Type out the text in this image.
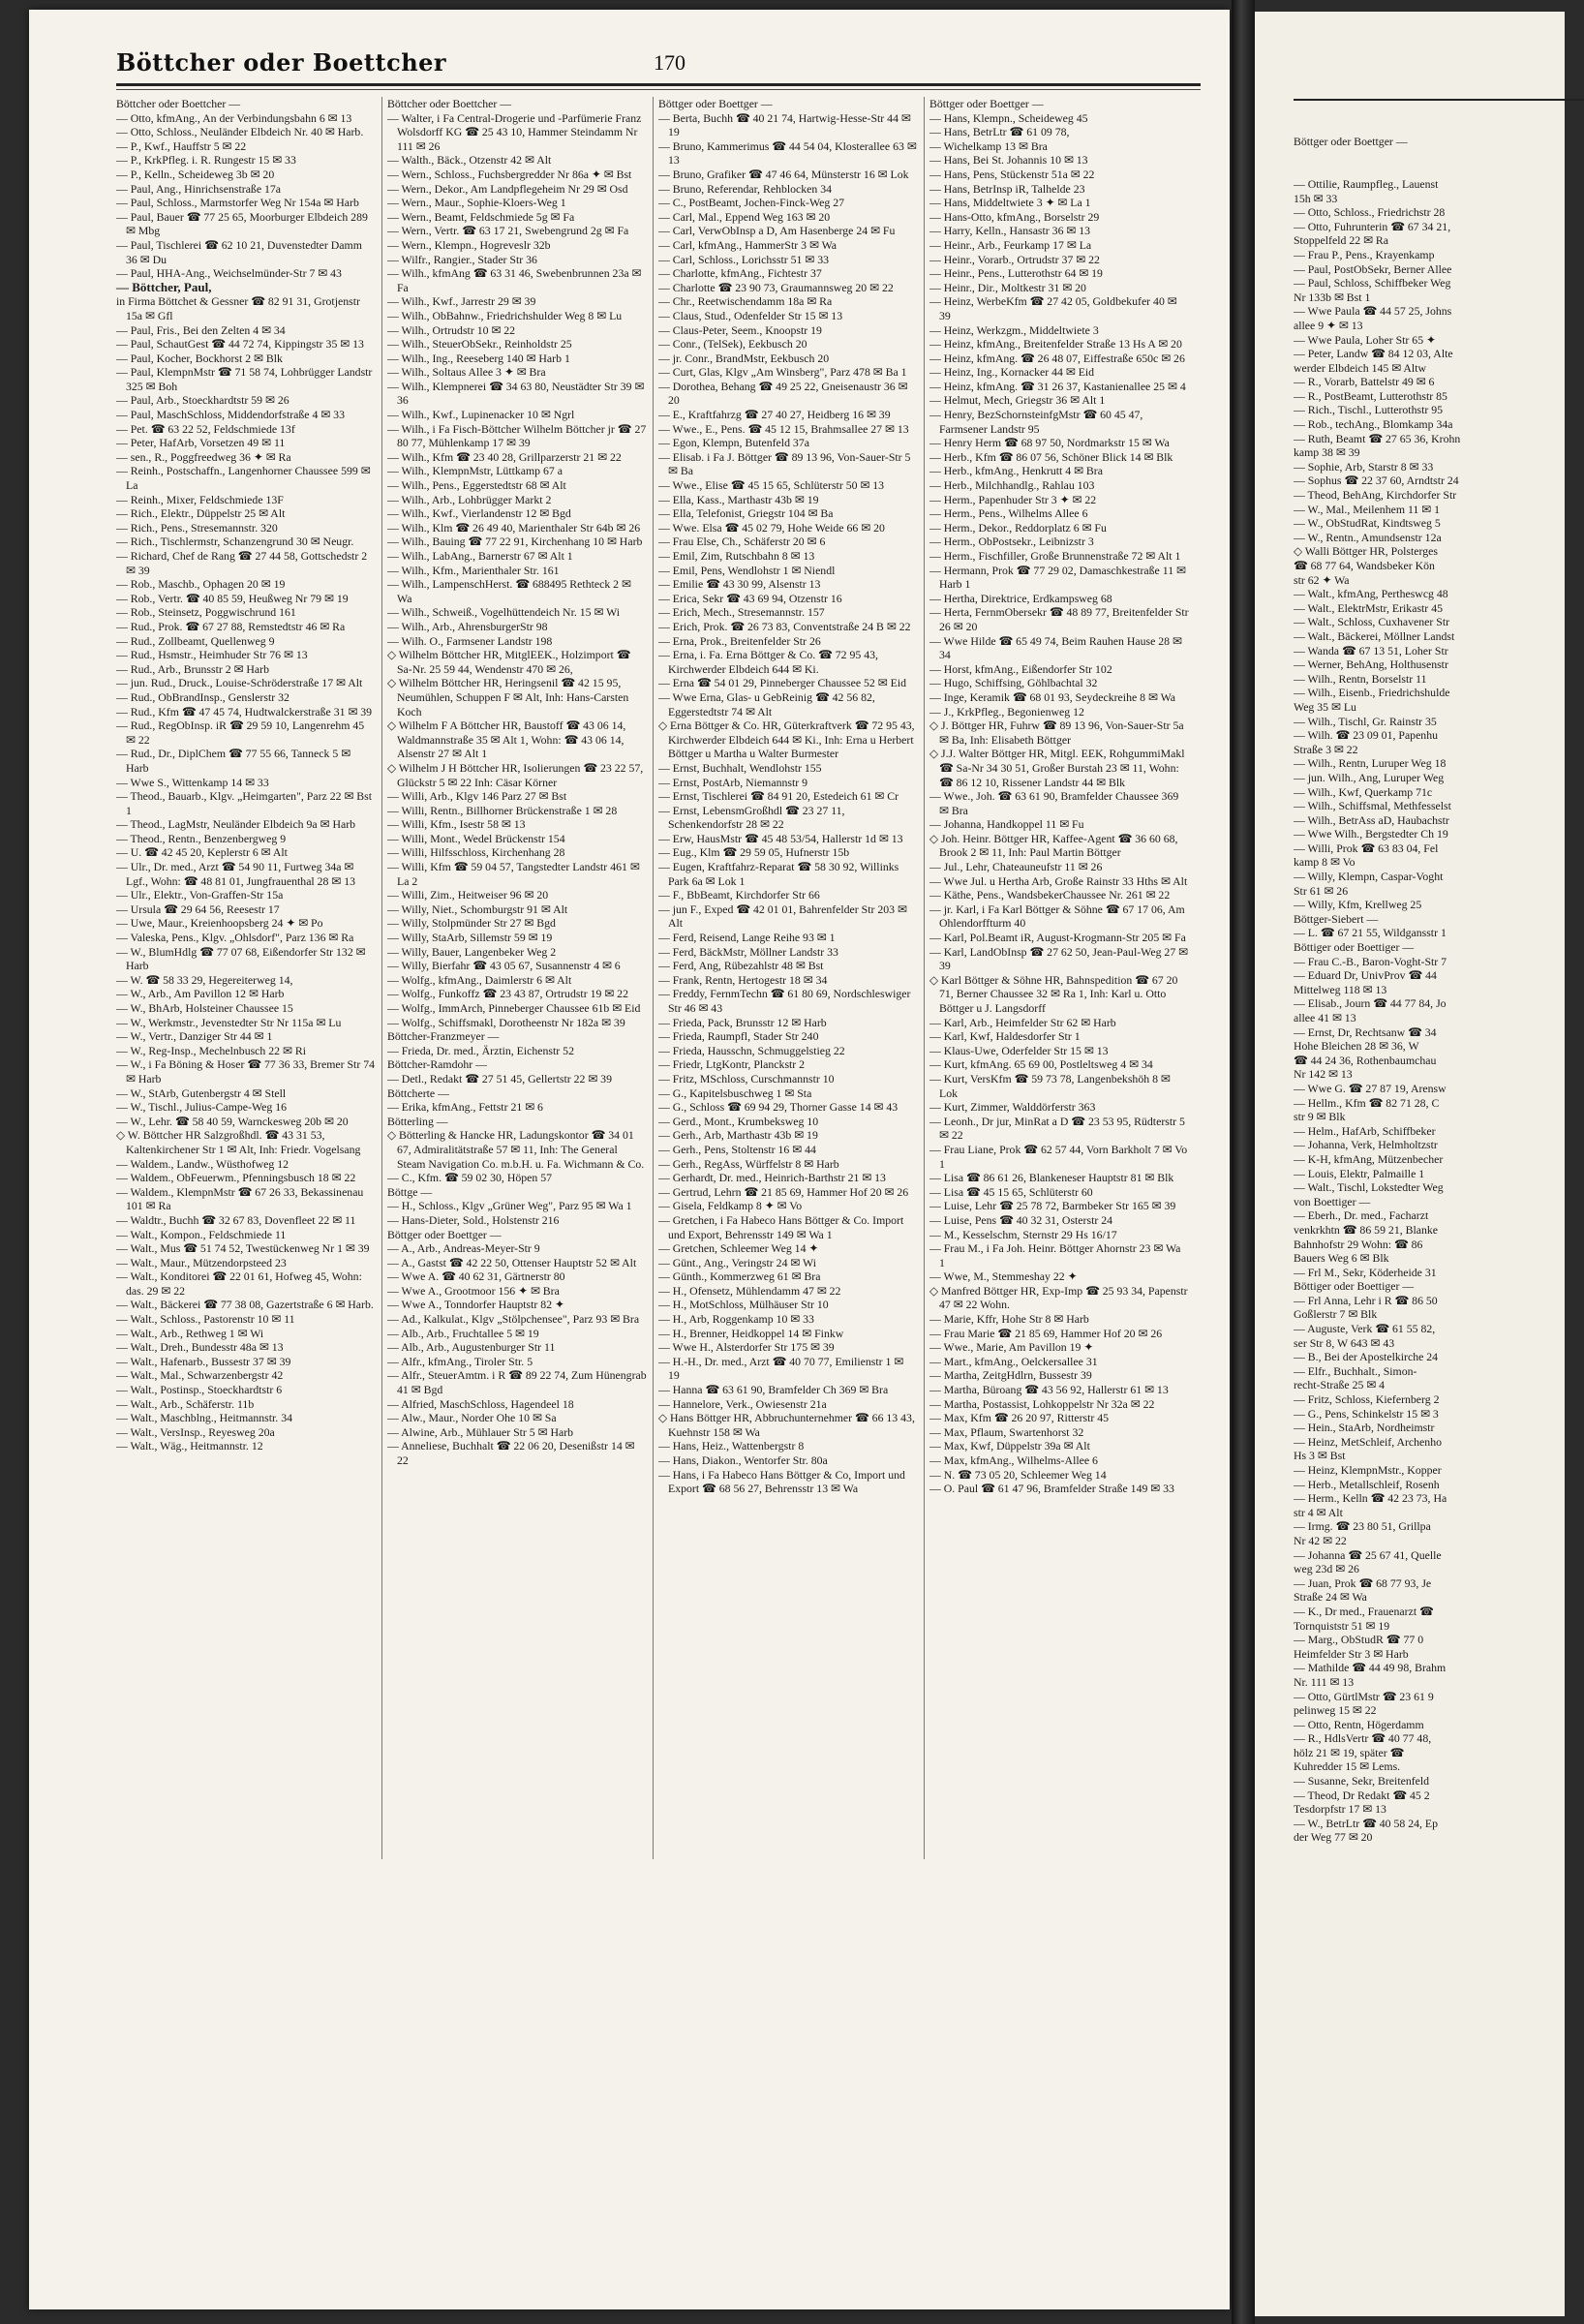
Böttcher oder Boettcher	170
Böttcher oder Boettcher —
— Otto, kfmAng., An der Verbindungsbahn 6 ✉ 13
— Otto, Schloss., Neuländer Elbdeich Nr. 40 ✉ Harb.
— P., Kwf., Hauffstr 5 ✉ 22
— P., KrkPfleg. i. R. Rungestr 15 ✉ 33
— P., Kelln., Scheideweg 3b ✉ 20
— Paul, Ang., Hinrichsenstraße 17a
— Paul, Schloss., Marmstorfer Weg Nr 154a ✉ Harb
— Paul, Bauer ☎ 77 25 65, Moorburger Elbdeich 289 ✉ Mbg
— Paul, Tischlerei ☎ 62 10 21, Duvenstedter Damm 36 ✉ Du
— Paul, HHA-Ang., Weichselmünder-Str 7 ✉ 43
— Böttcher, Paul,
in Firma Böttchet & Gessner ☎ 82 91 31, Grotjenstr 15a ✉ Gfl
— Paul, Fris., Bei den Zelten 4 ✉ 34
— Paul, SchautGest ☎ 44 72 74, Kippingstr 35 ✉ 13
— Paul, Kocher, Bockhorst 2 ✉ Blk
— Paul, KlempnMstr ☎ 71 58 74, Lohbrügger Landstr 325 ✉ Boh
— Paul, Arb., Stoeckhardtstr 59 ✉ 26
— Paul, MaschSchloss, Middendorfstraße 4 ✉ 33
— Pet. ☎ 63 22 52, Feldschmiede 13f
— Peter, HafArb, Vorsetzen 49 ✉ 11
— sen., R., Poggfreedweg 36 ✦ ✉ Ra
— Reinh., Postschaffn., Langenhorner Chaussee 599 ✉ La
— Reinh., Mixer, Feldschmiede 13F
— Rich., Elektr., Düppelstr 25 ✉ Alt
— Rich., Pens., Stresemannstr. 320
— Rich., Tischlermstr, Schanzengrund 30 ✉ Neugr.
— Richard, Chef de Rang ☎ 27 44 58, Gottschedstr 2 ✉ 39
— Rob., Maschb., Ophagen 20 ✉ 19
— Rob., Vertr. ☎ 40 85 59, Heußweg Nr 79 ✉ 19
— Rob., Steinsetz, Poggwischrund 161
— Rud., Prok. ☎ 67 27 88, Remstedtstr 46 ✉ Ra
— Rud., Zollbeamt, Quellenweg 9
— Rud., Hsmstr., Heimhuder Str 76 ✉ 13
— Rud., Arb., Brunsstr 2 ✉ Harb
— jun. Rud., Druck., Louise-Schröderstraße 17 ✉ Alt
— Rud., ObBrandInsp., Genslerstr 32
— Rud., Kfm ☎ 47 45 74, Hudtwalckerstraße 31 ✉ 39
— Rud., RegObInsp. iR ☎ 29 59 10, Langenrehm 45 ✉ 22
— Rud., Dr., DiplChem ☎ 77 55 66, Tanneck 5 ✉ Harb
— Wwe S., Wittenkamp 14 ✉ 33
— Theod., Bauarb., Klgv. „Heimgarten", Parz 22 ✉ Bst 1
— Theod., LagMstr, Neuländer Elbdeich 9a ✉ Harb
— Theod., Rentn., Benzenbergweg 9
— U. ☎ 42 45 20, Keplerstr 6 ✉ Alt
— Ulr., Dr. med., Arzt ☎ 54 90 11, Furtweg 34a ✉ Lgf., Wohn: ☎ 48 81 01, Jungfrauenthal 28 ✉ 13
— Ulr., Elektr., Von-Graffen-Str 15a
— Ursula ☎ 29 64 56, Reesestr 17
— Uwe, Maur., Kreienhoopsberg 24 ✦ ✉ Po
— Valeska, Pens., Klgv. „Ohlsdorf", Parz 136 ✉ Ra
— W., BlumHdlg ☎ 77 07 68, Eißendorfer Str 132 ✉ Harb
— W. ☎ 58 33 29, Hegereiterweg 14,
— W., Arb., Am Pavillon 12 ✉ Harb
— W., BhArb, Holsteiner Chaussee 15
— W., Werkmstr., Jevenstedter Str Nr 115a ✉ Lu
— W., Vertr., Danziger Str 44 ✉ 1
— W., Reg-Insp., Mechelnbusch 22 ✉ Ri
— W., i Fa Böning & Hoser ☎ 77 36 33, Bremer Str 74 ✉ Harb
— W., StArb, Gutenbergstr 4 ✉ Stell
— W., Tischl., Julius-Campe-Weg 16
— W., Lehr. ☎ 58 40 59, Warnckesweg 20b ✉ 20
◇ W. Böttcher HR Salzgroßhdl. ☎ 43 31 53, Kaltenkirchener Str 1 ✉ Alt, Inh: Friedr. Vogelsang
— Waldem., Landw., Wüsthofweg 12
— Waldem., ObFeuerwm., Pfenningsbusch 18 ✉ 22
— Waldem., KlempnMstr ☎ 67 26 33, Bekassinenau 101 ✉ Ra
— Waldtr., Buchh ☎ 32 67 83, Dovenfleet 22 ✉ 11
— Walt., Kompon., Feldschmiede 11
— Walt., Mus ☎ 51 74 52, Twestückenweg Nr 1 ✉ 39
— Walt., Maur., Mützendorpsteed 23
— Walt., Konditorei ☎ 22 01 61, Hofweg 45, Wohn: das. 29 ✉ 22
— Walt., Bäckerei ☎ 77 38 08, Gazertstraße 6 ✉ Harb.
— Walt., Schloss., Pastorenstr 10 ✉ 11
— Walt., Arb., Rethweg 1 ✉ Wi
— Walt., Dreh., Bundesstr 48a ✉ 13
— Walt., Hafenarb., Bussestr 37 ✉ 39
— Walt., Mal., Schwarzenbergstr 42
— Walt., Postinsp., Stoeckhardtstr 6
— Walt., Arb., Schäferstr. 11b
— Walt., Maschblng., Heitmannstr. 34
— Walt., VersInsp., Reyesweg 20a
— Walt., Wäg., Heitmannstr. 12
Böttcher oder Boettcher —
— Walter, i Fa Central-Drogerie und -Parfümerie Franz Wolsdorff KG ☎ 25 43 10, Hammer Steindamm Nr 111 ✉ 26
— Walth., Bäck., Otzenstr 42 ✉ Alt
— Wern., Schloss., Fuchsbergredder Nr 86a ✦ ✉ Bst
— Wern., Dekor., Am Landpflegeheim Nr 29 ✉ Osd
— Wern., Maur., Sophie-Kloers-Weg 1
— Wern., Beamt, Feldschmiede 5g ✉ Fa
— Wern., Vertr. ☎ 63 17 21, Swebengrund 2g ✉ Fa
— Wern., Klempn., Hogreveslr 32b
— Wilfr., Rangier., Stader Str 36
— Wilh., kfmAng ☎ 63 31 46, Swebenbrunnen 23a ✉ Fa
— Wilh., Kwf., Jarrestr 29 ✉ 39
— Wilh., ObBahnw., Friedrichshulder Weg 8 ✉ Lu
— Wilh., Ortrudstr 10 ✉ 22
— Wilh., SteuerObSekr., Reinholdstr 25
— Wilh., Ing., Reeseberg 140 ✉ Harb 1
— Wilh., Soltaus Allee 3 ✦ ✉ Bra
— Wilh., Klempnerei ☎ 34 63 80, Neustädter Str 39 ✉ 36
— Wilh., Kwf., Lupinenacker 10 ✉ Ngrl
— Wilh., i Fa Fisch-Böttcher Wilhelm Böttcher jr ☎ 27 80 77, Mühlenkamp 17 ✉ 39
— Wilh., Kfm ☎ 23 40 28, Grillparzerstr 21 ✉ 22
— Wilh., KlempnMstr, Lüttkamp 67 a
— Wilh., Pens., Eggerstedtstr 68 ✉ Alt
— Wilh., Arb., Lohbrügger Markt 2
— Wilh., Kwf., Vierlandenstr 12 ✉ Bgd
— Wilh., Klm ☎ 26 49 40, Marienthaler Str 64b ✉ 26
— Wilh., Bauing ☎ 77 22 91, Kirchenhang 10 ✉ Harb
— Wilh., LabAng., Barnerstr 67 ✉ Alt 1
— Wilh., Kfm., Marienthaler Str. 161
— Wilh., LampenschHerst. ☎ 688495 Rethteck 2 ✉ Wa
— Wilh., Schweiß., Vogelhüttendeich Nr. 15 ✉ Wi
— Wilh., Arb., AhrensburgerStr 98
— Wilh. O., Farmsener Landstr 198
◇ Wilhelm Böttcher HR, MitglEEK., Holzimport ☎ Sa-Nr. 25 59 44, Wendenstr 470 ✉ 26,
◇ Wilhelm Böttcher HR, Heringsenil ☎ 42 15 95, Neumühlen, Schuppen F ✉ Alt, Inh: Hans-Carsten Koch
◇ Wilhelm F A Böttcher HR, Baustoff ☎ 43 06 14, Waldmannstraße 35 ✉ Alt 1, Wohn: ☎ 43 06 14, Alsenstr 27 ✉ Alt 1
◇ Wilhelm J H Böttcher HR, Isolierungen ☎ 23 22 57, Glückstr 5 ✉ 22 Inh: Cäsar Körner
— Willi, Arb., Klgv 146 Parz 27 ✉ Bst
— Willi, Rentn., Billhorner Brückenstraße 1 ✉ 28
— Willi, Kfm., Isestr 58 ✉ 13
— Willi, Mont., Wedel Brückenstr 154
— Willi, Hilfsschloss, Kirchenhang 28
— Willi, Kfm ☎ 59 04 57, Tangstedter Landstr 461 ✉ La 2
— Willi, Zim., Heitweiser 96 ✉ 20
— Willy, Niet., Schomburgstr 91 ✉ Alt
— Willy, Stolpmünder Str 27 ✉ Bgd
— Willy, StaArb, Sillemstr 59 ✉ 19
— Willy, Bauer, Langenbeker Weg 2
— Willy, Bierfahr ☎ 43 05 67, Susannenstr 4 ✉ 6
— Wolfg., kfmAng., Daimlerstr 6 ✉ Alt
— Wolfg., Funkoffz ☎ 23 43 87, Ortrudstr 19 ✉ 22
— Wolfg., ImmArch, Pinneberger Chaussee 61b ✉ Eid
— Wolfg., Schiffsmakl, Dorotheenstr Nr 182a ✉ 39
Böttcher-Franzmeyer —
— Frieda, Dr. med., Ärztin, Eichenstr 52
Böttcher-Ramdohr —
— Detl., Redakt ☎ 27 51 45, Gellertstr 22 ✉ 39
Böttcherte —
— Erika, kfmAng., Fettstr 21 ✉ 6
Bötterling —
◇ Bötterling & Hancke HR, Ladungskontor ☎ 34 01 67, Admiralitätstraße 57 ✉ 11, Inh: The General Steam Navigation Co. m.b.H. u. Fa. Wichmann & Co.
— C., Kfm. ☎ 59 02 30, Höpen 57
Böttge —
— H., Schloss., Klgv „Grüner Weg", Parz 95 ✉ Wa 1
— Hans-Dieter, Sold., Holstenstr 216
Böttger oder Boettger —
— A., Arb., Andreas-Meyer-Str 9
— A., Gastst ☎ 42 22 50, Ottenser Hauptstr 52 ✉ Alt
— Wwe A. ☎ 40 62 31, Gärtnerstr 80
— Wwe A., Grootmoor 156 ✦ ✉ Bra
— Wwe A., Tonndorfer Hauptstr 82 ✦
— Ad., Kalkulat., Klgv „Stölpchensee", Parz 93 ✉ Bra
— Alb., Arb., Fruchtallee 5 ✉ 19
— Alb., Arb., Augustenburger Str 11
— Alfr., kfmAng., Tiroler Str. 5
— Alfr., SteuerAmtm. i R ☎ 89 22 74, Zum Hünengrab 41 ✉ Bgd
— Alfried, MaschSchloss, Hagendeel 18
— Alw., Maur., Norder Ohe 10 ✉ Sa
— Alwine, Arb., Mühlauer Str 5 ✉ Harb
— Anneliese, Buchhalt ☎ 22 06 20, Desenißstr 14 ✉ 22
Böttger oder Boettger —
— Berta, Buchh ☎ 40 21 74, Hartwig-Hesse-Str 44 ✉ 19
— Bruno, Kammerimus ☎ 44 54 04, Klosterallee 63 ✉ 13
— Bruno, Grafiker ☎ 47 46 64, Münsterstr 16 ✉ Lok
— Bruno, Referendar, Rehblocken 34
— C., PostBeamt, Jochen-Finck-Weg 27
— Carl, Mal., Eppend Weg 163 ✉ 20
— Carl, VerwObInsp a D, Am Hasenberge 24 ✉ Fu
— Carl, kfmAng., HammerStr 3 ✉ Wa
— Carl, Schloss., Lorichsstr 51 ✉ 33
— Charlotte, kfmAng., Fichtestr 37
— Charlotte ☎ 23 90 73, Graumannsweg 20 ✉ 22
— Chr., Reetwischendamm 18a ✉ Ra
— Claus, Stud., Odenfelder Str 15 ✉ 13
— Claus-Peter, Seem., Knoopstr 19
— Conr., (TelSek), Eekbusch 20
— jr. Conr., BrandMstr, Eekbusch 20
— Curt, Glas, Klgv „Am Winsberg", Parz 478 ✉ Ba 1
— Dorothea, Behang ☎ 49 25 22, Gneisenaustr 36 ✉ 20
— E., Kraftfahrzg ☎ 27 40 27, Heidberg 16 ✉ 39
— Wwe., E., Pens. ☎ 45 12 15, Brahmsallee 27 ✉ 13
— Egon, Klempn, Butenfeld 37a
— Elisab. i Fa J. Böttger ☎ 89 13 96, Von-Sauer-Str 5 ✉ Ba
— Wwe., Elise ☎ 45 15 65, Schlüterstr 50 ✉ 13
— Ella, Kass., Marthastr 43b ✉ 19
— Ella, Telefonist, Griegstr 104 ✉ Ba
— Wwe. Elsa ☎ 45 02 79, Hohe Weide 66 ✉ 20
— Frau Else, Ch., Schäferstr 20 ✉ 6
— Emil, Zim, Rutschbahn 8 ✉ 13
— Emil, Pens, Wendlohstr 1 ✉ Niendl
— Emilie ☎ 43 30 99, Alsenstr 13
— Erica, Sekr ☎ 43 69 94, Otzenstr 16
— Erich, Mech., Stresemannstr. 157
— Erich, Prok. ☎ 26 73 83, Conventstraße 24 B ✉ 22
— Erna, Prok., Breitenfelder Str 26
— Erna, i. Fa. Erna Böttger & Co. ☎ 72 95 43, Kirchwerder Elbdeich 644 ✉ Ki.
— Erna ☎ 54 01 29, Pinneberger Chaussee 52 ✉ Eid
— Wwe Erna, Glas- u GebReinig ☎ 42 56 82, Eggerstedtstr 74 ✉ Alt
◇ Erna Böttger & Co. HR, Güterkraftverk ☎ 72 95 43, Kirchwerder Elbdeich 644 ✉ Ki., Inh: Erna u Herbert Böttger u Martha u Walter Burmester
— Ernst, Buchhalt, Wendlohstr 155
— Ernst, PostArb, Niemannstr 9
— Ernst, Tischlerei ☎ 84 91 20, Estedeich 61 ✉ Cr
— Ernst, LebensmGroßhdl ☎ 23 27 11, Schenkendorfstr 28 ✉ 22
— Erw, HausMstr ☎ 45 48 53/54, Hallerstr 1d ✉ 13
— Eug., Klm ☎ 29 59 05, Hufnerstr 15b
— Eugen, Kraftfahrz-Reparat ☎ 58 30 92, Willinks Park 6a ✉ Lok 1
— F., BbBeamt, Kirchdorfer Str 66
— jun F., Exped ☎ 42 01 01, Bahrenfelder Str 203 ✉ Alt
— Ferd, Reisend, Lange Reihe 93 ✉ 1
— Ferd, BäckMstr, Möllner Landstr 33
— Ferd, Ang, Rübezahlstr 48 ✉ Bst
— Frank, Rentn, Hertogestr 18 ✉ 34
— Freddy, FernmTechn ☎ 61 80 69, Nordschleswiger Str 46 ✉ 43
— Frieda, Pack, Brunsstr 12 ✉ Harb
— Frieda, Raumpfl, Stader Str 240
— Frieda, Hausschn, Schmuggelstieg 22
— Friedr, LtgKontr, Planckstr 2
— Fritz, MSchloss, Curschmannstr 10
— G., Kapitelsbuschweg 1 ✉ Sta
— G., Schloss ☎ 69 94 29, Thorner Gasse 14 ✉ 43
— Gerd., Mont., Krumbeksweg 10
— Gerh., Arb, Marthastr 43b ✉ 19
— Gerh., Pens, Stoltenstr 16 ✉ 44
— Gerh., RegAss, Würffelstr 8 ✉ Harb
— Gerhardt, Dr. med., Heinrich-Barthstr 21 ✉ 13
— Gertrud, Lehrn ☎ 21 85 69, Hammer Hof 20 ✉ 26
— Gisela, Feldkamp 8 ✦ ✉ Vo
— Gretchen, i Fa Habeco Hans Böttger & Co. Import und Export, Behrensstr 149 ✉ Wa 1
— Gretchen, Schleemer Weg 14 ✦
— Günt., Ang., Veringstr 24 ✉ Wi
— Günth., Kommerzweg 61 ✉ Bra
— H., Ofensetz, Mühlendamm 47 ✉ 22
— H., MotSchloss, Mülhäuser Str 10
— H., Arb, Roggenkamp 10 ✉ 33
— H., Brenner, Heidkoppel 14 ✉ Finkw
— Wwe H., Alsterdorfer Str 175 ✉ 39
— H.-H., Dr. med., Arzt ☎ 40 70 77, Emilienstr 1 ✉ 19
— Hanna ☎ 63 61 90, Bramfelder Ch 369 ✉ Bra
— Hannelore, Verk., Owiesenstr 21a
◇ Hans Böttger HR, Abbruchunternehmer ☎ 66 13 43, Kuehnstr 158 ✉ Wa
— Hans, Heiz., Wattenbergstr 8
— Hans, Diakon., Wentorfer Str. 80a
— Hans, i Fa Habeco Hans Böttger & Co, Import und Export ☎ 68 56 27, Behrensstr 13 ✉ Wa
Böttger oder Boettger —
— Hans, Klempn., Scheideweg 45
— Hans, BetrLtr ☎ 61 09 78,
— Wichelkamp 13 ✉ Bra
— Hans, Bei St. Johannis 10 ✉ 13
— Hans, Pens, Stückenstr 51a ✉ 22
— Hans, BetrInsp iR, Talhelde 23
— Hans, Middeltwiete 3 ✦ ✉ La 1
— Hans-Otto, kfmAng., Borselstr 29
— Harry, Kelln., Hansastr 36 ✉ 13
— Heinr., Arb., Feurkamp 17 ✉ La
— Heinr., Vorarb., Ortrudstr 37 ✉ 22
— Heinr., Pens., Lutterothstr 64 ✉ 19
— Heinr., Dir., Moltkestr 31 ✉ 20
— Heinz, WerbeKfm ☎ 27 42 05, Goldbekufer 40 ✉ 39
— Heinz, Werkzgm., Middeltwiete 3
— Heinz, kfmAng., Breitenfelder Straße 13 Hs A ✉ 20
— Heinz, kfmAng. ☎ 26 48 07, Eiffestraße 650c ✉ 26
— Heinz, Ing., Kornacker 44 ✉ Eid
— Heinz, kfmAng. ☎ 31 26 37, Kastanienallee 25 ✉ 4
— Helmut, Mech, Griegstr 36 ✉ Alt 1
— Henry, BezSchornsteinfgMstr ☎ 60 45 47, Farmsener Landstr 95
— Henry Herm ☎ 68 97 50, Nordmarkstr 15 ✉ Wa
— Herb., Kfm ☎ 86 07 56, Schöner Blick 14 ✉ Blk
— Herb., kfmAng., Henkrutt 4 ✉ Bra
— Herb., Milchhandlg., Rahlau 103
— Herm., Papenhuder Str 3 ✦ ✉ 22
— Herm., Pens., Wilhelms Allee 6
— Herm., Dekor., Reddorplatz 6 ✉ Fu
— Herm., ObPostsekr., Leibnizstr 3
— Herm., Fischfiller, Große Brunnenstraße 72 ✉ Alt 1
— Hermann, Prok ☎ 77 29 02, Damaschkestraße 11 ✉ Harb 1
— Hertha, Direktrice, Erdkampsweg 68
— Herta, FernmObersekr ☎ 48 89 77, Breitenfelder Str 26 ✉ 20
— Wwe Hilde ☎ 65 49 74, Beim Rauhen Hause 28 ✉ 34
— Horst, kfmAng., Eißendorfer Str 102
— Hugo, Schiffsing, Göhlbachtal 32
— Inge, Keramik ☎ 68 01 93, Seydeckreihe 8 ✉ Wa
— J., KrkPfleg., Begonienweg 12
◇ J. Böttger HR, Fuhrw ☎ 89 13 96, Von-Sauer-Str 5a ✉ Ba, Inh: Elisabeth Böttger
◇ J.J. Walter Böttger HR, Mitgl. EEK, RohgummiMakl ☎ Sa-Nr 34 30 51, Großer Burstah 23 ✉ 11, Wohn: ☎ 86 12 10, Rissener Landstr 44 ✉ Blk
— Wwe., Joh. ☎ 63 61 90, Bramfelder Chaussee 369 ✉ Bra
— Johanna, Handkoppel 11 ✉ Fu
◇ Joh. Heinr. Böttger HR, Kaffee-Agent ☎ 36 60 68, Brook 2 ✉ 11, Inh: Paul Martin Böttger
— Jul., Lehr, Chateauneufstr 11 ✉ 26
— Wwe Jul. u Hertha Arb, Große Rainstr 33 Hths ✉ Alt
— Käthe, Pens., WandsbekerChaussee Nr. 261 ✉ 22
— jr. Karl, i Fa Karl Böttger & Söhne ☎ 67 17 06, Am Ohlendorffturm 40
— Karl, Pol.Beamt iR, August-Krogmann-Str 205 ✉ Fa
— Karl, LandObInsp ☎ 27 62 50, Jean-Paul-Weg 27 ✉ 39
◇ Karl Böttger & Söhne HR, Bahnspedition ☎ 67 20 71, Berner Chaussee 32 ✉ Ra 1, Inh: Karl u. Otto Böttger u J. Langsdorff
— Karl, Arb., Heimfelder Str 62 ✉ Harb
— Karl, Kwf, Haldesdorfer Str 1
— Klaus-Uwe, Oderfelder Str 15 ✉ 13
— Kurt, kfmAng. 65 69 00, Postleltsweg 4 ✉ 34
— Kurt, VersKfm ☎ 59 73 78, Langenbekshöh 8 ✉ Lok
— Kurt, Zimmer, Walddörferstr 363
— Leonh., Dr jur, MinRat a D ☎ 23 53 95, Rüdterstr 5 ✉ 22
— Frau Liane, Prok ☎ 62 57 44, Vorn Barkholt 7 ✉ Vo 1
— Lisa ☎ 86 61 26, Blankeneser Hauptstr 81 ✉ Blk
— Lisa ☎ 45 15 65, Schlüterstr 60
— Luise, Lehr ☎ 25 78 72, Barmbeker Str 165 ✉ 39
— Luise, Pens ☎ 40 32 31, Osterstr 24
— M., Kesselschm, Sternstr 29 Hs 16/17
— Frau M., i Fa Joh. Heinr. Böttger Ahornstr 23 ✉ Wa 1
— Wwe, M., Stemmeshay 22 ✦
◇ Manfred Böttger HR, Exp-Imp ☎ 25 93 34, Papenstr 47 ✉ 22 Wohn.
— Marie, Kffr, Hohe Str 8 ✉ Harb
— Frau Marie ☎ 21 85 69, Hammer Hof 20 ✉ 26
— Wwe., Marie, Am Pavillon 19 ✦
— Mart., kfmAng., Oelckersallee 31
— Martha, ZeitgHdlrn, Bussestr 39
— Martha, Büroang ☎ 43 56 92, Hallerstr 61 ✉ 13
— Martha, Postassist, Lohkoppelstr Nr 32a ✉ 22
— Max, Kfm ☎ 26 20 97, Ritterstr 45
— Max, Pflaum, Swartenhorst 32
— Max, Kwf, Düppelstr 39a ✉ Alt
— Max, kfmAng., Wilhelms-Allee 6
— N. ☎ 73 05 20, Schleemer Weg 14
— O. Paul ☎ 61 47 96, Bramfelder Straße 149 ✉ 33

Böttger oder Boettger —

— Ottilie, Raumpfleg., Lauenst
15h ✉ 33
— Otto, Schloss., Friedrichstr 28
— Otto, Fuhrunterin ☎ 67 34 21,
Stoppelfeld 22 ✉ Ra
— Frau P., Pens., Krayenkamp
— Paul, PostObSekr, Berner Allee
— Paul, Schloss, Schiffbeker Weg
Nr 133b ✉ Bst 1
— Wwe Paula ☎ 44 57 25, Johns
allee 9 ✦ ✉ 13
— Wwe Paula, Loher Str 65 ✦
— Peter, Landw ☎ 84 12 03, Alte
werder Elbdeich 145 ✉ Altw
— R., Vorarb, Battelstr 49 ✉ 6
— R., PostBeamt, Lutterothstr 85
— Rich., Tischl., Lutterothstr 95
— Rob., techAng., Blomkamp 34a
— Ruth, Beamt ☎ 27 65 36, Krohn
kamp 38 ✉ 39
— Sophie, Arb, Starstr 8 ✉ 33
— Sophus ☎ 22 37 60, Arndtstr 24
— Theod, BehAng, Kirchdorfer Str
— W., Mal., Meilenhem 11 ✉ 1
— W., ObStudRat, Kindtsweg 5
— W., Rentn., Amundsenstr 12a
◇ Walli Böttger HR, Polsterges
☎ 68 77 64, Wandsbeker Kön
str 62 ✦ Wa
— Walt., kfmAng, Pertheswcg 48
— Walt., ElektrMstr, Erikastr 45
— Walt., Schloss, Cuxhavener Str
— Walt., Bäckerei, Möllner Landst
— Wanda ☎ 67 13 51, Loher Str
— Werner, BehAng, Holthusenstr
— Wilh., Rentn, Borselstr 11
— Wilh., Eisenb., Friedrichshulde
Weg 35 ✉ Lu
— Wilh., Tischl, Gr. Rainstr 35
— Wilh. ☎ 23 09 01, Papenhu
Straße 3 ✉ 22
— Wilh., Rentn, Luruper Weg 18
— jun. Wilh., Ang, Luruper Weg
— Wilh., Kwf, Querkamp 71c
— Wilh., Schiffsmal, Methfesselst
— Wilh., BetrAss aD, Haubachstr
— Wwe Wilh., Bergstedter Ch 19
— Willi, Prok ☎ 63 83 04, Fel
kamp 8 ✉ Vo
— Willy, Klempn, Caspar-Voght
Str 61 ✉ 26
— Willy, Kfm, Krellweg 25
Böttger-Siebert —
— L. ☎ 67 21 55, Wildgansstr 1
Böttiger oder Boettiger —
— Frau C.-B., Baron-Voght-Str 7
— Eduard Dr, UnivProv ☎ 44
Mittelweg 118 ✉ 13
— Elisab., Journ ☎ 44 77 84, Jo
allee 41 ✉ 13
— Ernst, Dr, Rechtsanw ☎ 34
Hohe Bleichen 28 ✉ 36, W
☎ 44 24 36, Rothenbaumchau
Nr 142 ✉ 13
— Wwe G. ☎ 27 87 19, Arensw
— Hellm., Kfm ☎ 82 71 28, C
str 9 ✉ Blk
— Helm., HafArb, Schiffbeker
— Johanna, Verk, Helmholtzstr
— K-H, kfmAng, Mützenbecher
— Louis, Elektr, Palmaille 1
— Walt., Tischl, Lokstedter Weg
von Boettiger —
— Eberh., Dr. med., Facharzt
venkrkhtn ☎ 86 59 21, Blanke
Bahnhofstr 29 Wohn: ☎ 86
Bauers Weg 6 ✉ Blk
— Frl M., Sekr, Köderheide 31
Böttiger oder Boettiger —
— Frl Anna, Lehr i R ☎ 86 50
Goßlerstr 7 ✉ Blk
— Auguste, Verk ☎ 61 55 82,
ser Str 8, W 643 ✉ 43
— B., Bei der Apostelkirche 24
— Elfr., Buchhalt., Simon-
recht-Straße 25 ✉ 4
— Fritz, Schloss, Kiefernberg 2
— G., Pens, Schinkelstr 15 ✉ 3
— Hein., StaArb, Nordheimstr
— Heinz, MetSchleif, Archenho
Hs 3 ✉ Bst
— Heinz, KlempnMstr., Kopper
— Herb., Metallschleif, Rosenh
— Herm., Kelln ☎ 42 23 73, Ha
str 4 ✉ Alt
— Irmg. ☎ 23 80 51, Grillpa
Nr 42 ✉ 22
— Johanna ☎ 25 67 41, Quelle
weg 23d ✉ 26
— Juan, Prok ☎ 68 77 93, Je
Straße 24 ✉ Wa
— K., Dr med., Frauenarzt ☎
Tornquiststr 51 ✉ 19
— Marg., ObStudR ☎ 77 0
Heimfelder Str 3 ✉ Harb
— Mathilde ☎ 44 49 98, Brahm
Nr. 111 ✉ 13
— Otto, GürtlMstr ☎ 23 61 9
pelinweg 15 ✉ 22
— Otto, Rentn, Högerdamm
— R., HdlsVertr ☎ 40 77 48,
hölz 21 ✉ 19, später ☎
Kuhredder 15 ✉ Lems.
— Susanne, Sekr, Breitenfeld
— Theod, Dr Redakt ☎ 45 2
Tesdorpfstr 17 ✉ 13
— W., BetrLtr ☎ 40 58 24, Ep
der Weg 77 ✉ 20
